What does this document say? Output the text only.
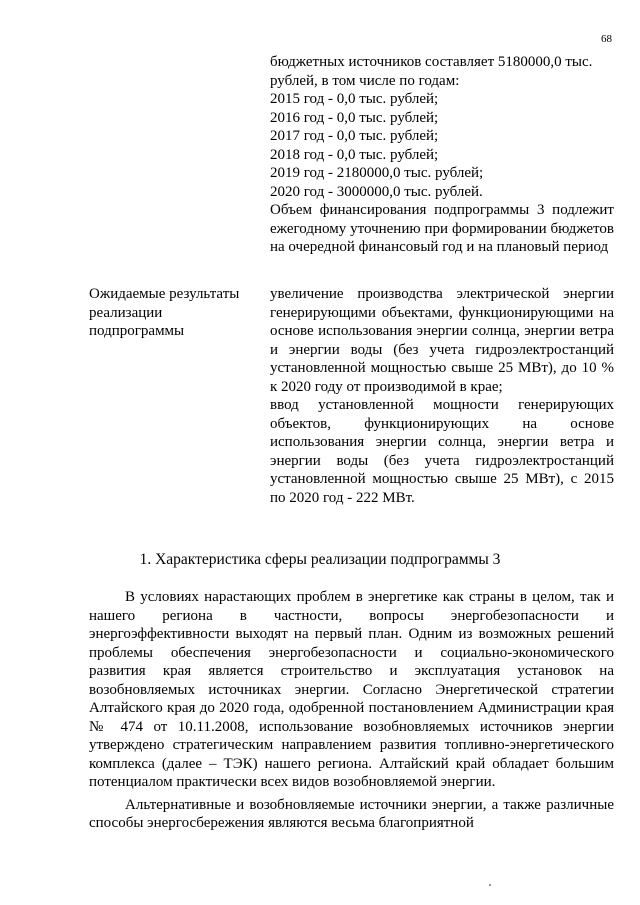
68
бюджетных источников составляет 5180000,0 тыс.
рублей, в том числе по годам:
2015 год - 0,0 тыс. рублей;
2016 год - 0,0 тыс. рублей;
2017 год - 0,0 тыс. рублей;
2018 год - 0,0 тыс. рублей;
2019 год - 2180000,0 тыс. рублей;
2020 год - 3000000,0 тыс. рублей.
Объем финансирования подпрограммы 3 подлежит ежегодному уточнению при формировании бюджетов на очередной финансовый год и на плановый период
Ожидаемые результаты реализации подпрограммы
увеличение производства электрической энергии генерирующими объектами, функционирующими на основе использования энергии солнца, энергии ветра и энергии воды (без учета гидроэлектростанций установленной мощностью свыше 25 МВт), до 10 % к 2020 году от производимой в крае;
ввод установленной мощности генерирующих объектов, функционирующих на основе использования энергии солнца, энергии ветра и энергии воды (без учета гидроэлектростанций установленной мощностью свыше 25 МВт), с 2015 по 2020 год - 222 МВт.
1. Характеристика сферы реализации подпрограммы 3

В условиях нарастающих проблем в энергетике как страны в целом, так и нашего региона в частности, вопросы энергобезопасности и энергоэффективности выходят на первый план. Одним из возможных решений проблемы обеспечения энергобезопасности и социально-экономического развития края является строительство и эксплуатация установок на возобновляемых источниках энергии. Согласно Энергетической стратегии Алтайского края до 2020 года, одобренной постановлением Администрации края № 474 от 10.11.2008, использование возобновляемых источников энергии утверждено стратегическим направлением развития топливно-энергетического комплекса (далее – ТЭК) нашего региона. Алтайский край обладает большим потенциалом практически всех видов возобновляемой энергии.

Альтернативные и возобновляемые источники энергии, а также различные способы энергосбережения являются весьма благоприятной
